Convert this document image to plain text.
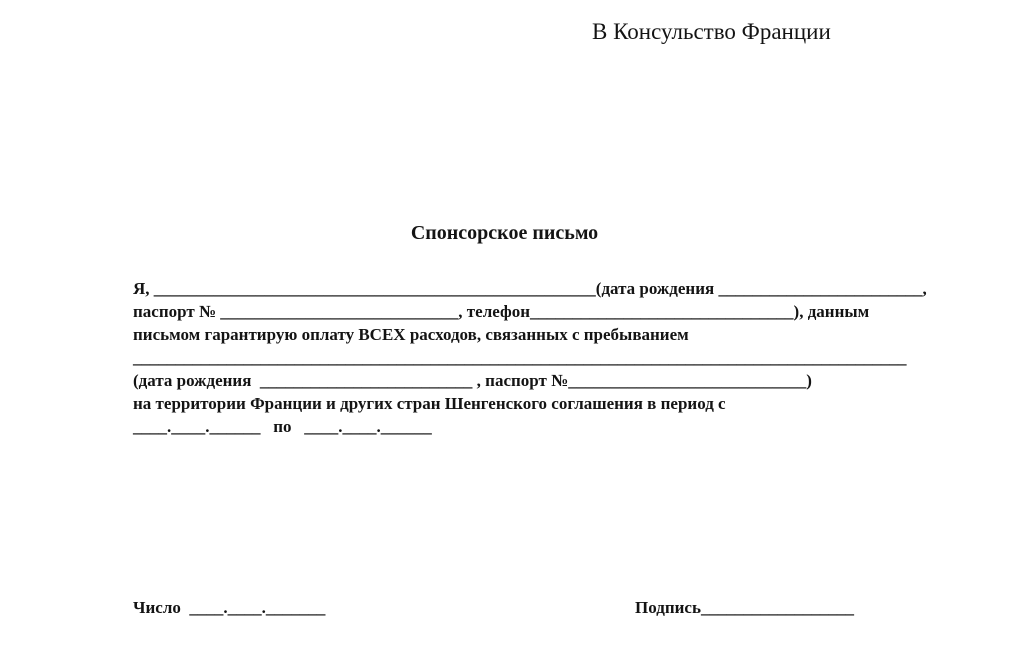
В Консульство Франции
Спонсорское письмо
Я, ____________________________________________________(дата рождения ________________________,
паспорт № ____________________________, телефон_______________________________), данным
письмом гарантирую оплату ВСЕХ расходов, связанных с пребыванием
___________________________________________________________________________________________
(дата рождения  _________________________ , паспорт №____________________________)
на территории Франции и других стран Шенгенского соглашения в период с
____.____.______   по   ____.____.______
Число  ____.____._______	Подпись__________________
